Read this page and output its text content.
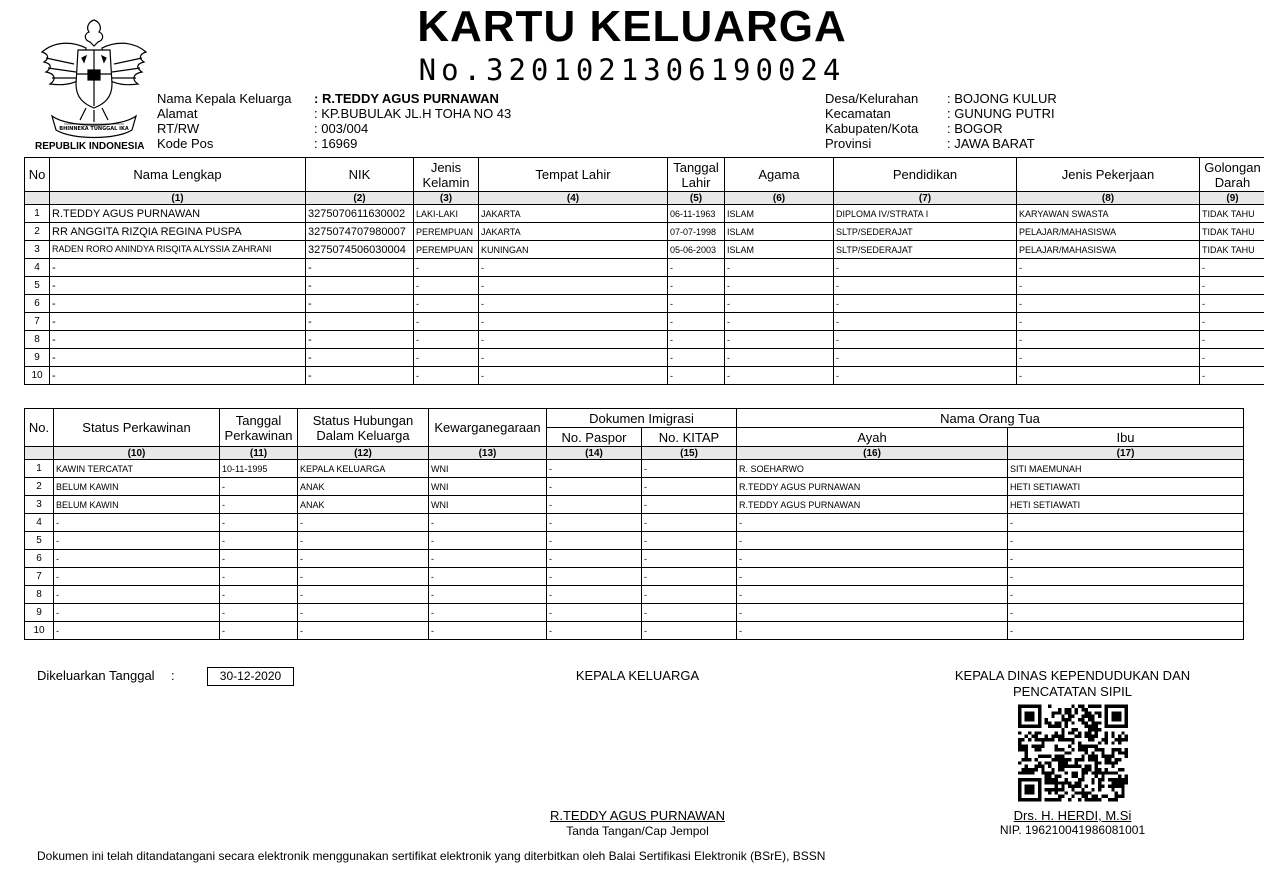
BHINNEKA TUNGGAL IKA
REPUBLIK INDONESIA
KARTU KELUARGA
No.3201021306190024
Nama Kepala Keluarga	: R.TEDDY AGUS PURNAWAN
Alamat	: KP.BUBULAK JL.H TOHA NO 43
RT/RW	: 003/004
Kode Pos	: 16969
Desa/Kelurahan	: BOJONG KULUR
Kecamatan	: GUNUNG PUTRI
Kabupaten/Kota	: BOGOR
Provinsi	: JAWA BARAT
No	Nama Lengkap	NIK	Jenis Kelamin	Tempat Lahir	Tanggal Lahir	Agama	Pendidikan	Jenis Pekerjaan	Golongan Darah
	(1)	(2)	(3)	(4)	(5)	(6)	(7)	(8)	(9)
1	R.TEDDY AGUS PURNAWAN	3275070611630002	LAKI-LAKI	JAKARTA	06-11-1963	ISLAM	DIPLOMA IV/STRATA I	KARYAWAN SWASTA	TIDAK TAHU
2	RR ANGGITA RIZQIA REGINA PUSPA	3275074707980007	PEREMPUAN	JAKARTA	07-07-1998	ISLAM	SLTP/SEDERAJAT	PELAJAR/MAHASISWA	TIDAK TAHU
3	RADEN RORO ANINDYA RISQITA ALYSSIA ZAHRANI	3275074506030004	PEREMPUAN	KUNINGAN	05-06-2003	ISLAM	SLTP/SEDERAJAT	PELAJAR/MAHASISWA	TIDAK TAHU
4	-	-	-	-	-	-	-	-	-
5	-	-	-	-	-	-	-	-	-
6	-	-	-	-	-	-	-	-	-
7	-	-	-	-	-	-	-	-	-
8	-	-	-	-	-	-	-	-	-
9	-	-	-	-	-	-	-	-	-
10	-	-	-	-	-	-	-	-	-
No.	Status Perkawinan	Tanggal Perkawinan	Status Hubungan Dalam Keluarga	Kewarganegaraan	Dokumen Imigrasi		Nama Orang Tua	
					No. Paspor	No. KITAP	Ayah	Ibu
	(10)	(11)	(12)	(13)	(14)	(15)	(16)	(17)
1	KAWIN TERCATAT	10-11-1995	KEPALA KELUARGA	WNI	-	-	R. SOEHARWO	SITI MAEMUNAH
2	BELUM KAWIN	-	ANAK	WNI	-	-	R.TEDDY AGUS PURNAWAN	HETI SETIAWATI
3	BELUM KAWIN	-	ANAK	WNI	-	-	R.TEDDY AGUS PURNAWAN	HETI SETIAWATI
4	-	-	-	-	-	-	-	-
5	-	-	-	-	-	-	-	-
6	-	-	-	-	-	-	-	-
7	-	-	-	-	-	-	-	-
8	-	-	-	-	-	-	-	-
9	-	-	-	-	-	-	-	-
10	-	-	-	-	-	-	-	-
Dikeluarkan Tanggal :	30-12-2020	KEPALA KELUARGA	KEPALA DINAS KEPENDUDUKAN DAN
PENCATATAN SIPIL
R.TEDDY AGUS PURNAWAN
Tanda Tangan/Cap Jempol
Drs. H. HERDI, M.Si
NIP. 196210041986081001
Dokumen ini telah ditandatangani secara elektronik menggunakan sertifikat elektronik yang diterbitkan oleh Balai Sertifikasi Elektronik (BSrE), BSSN
